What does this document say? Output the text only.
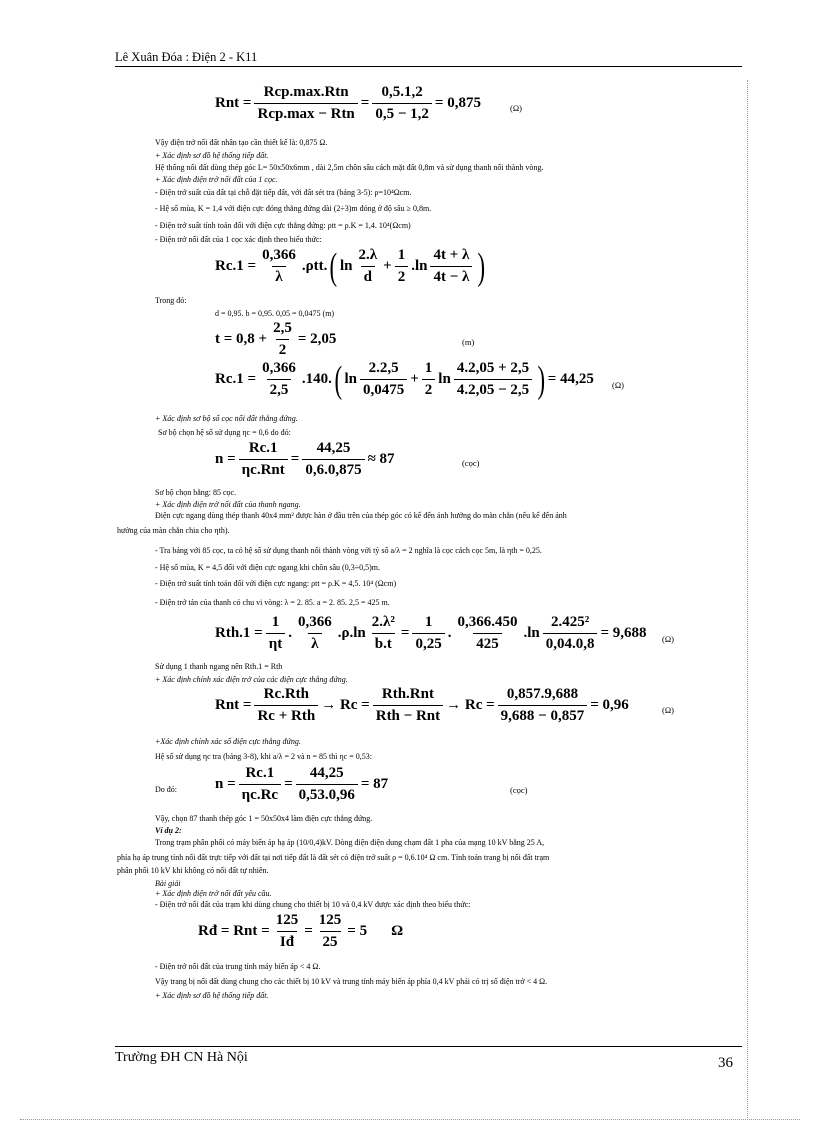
Lê Xuân Đóa : Điện 2 - K11
Rnt = $\frac{\text{Rcp.max.Rtn}}{\text{Rcp.max − Rtn}} = \frac{0,5.1,2}{0,5 - 1,2} = 0,875$	(Ω)
Vậy điện trở nối đất nhân tạo cần thiết kế là: 0,875 Ω.
+ Xác định sơ đồ hệ thống tiếp đất.
Hệ thống nối đất dùng thép góc L= 50x50x6mm , dài 2,5m chôn sâu cách mặt đất 0,8m và sử dụng thanh nối thành vòng.
+ Xác định điện trở nối đất của 1 cọc.
- Điện trở suất của đất tại chỗ đặt tiếp đất, với đất sét tra (bảng 3-5): ρ=10⁴Ωcm.
- Hệ số mùa, K = 1,4 với điện cực đóng thẳng đứng dài (2÷3)m đóng ở độ sâu ≥ 0,8m.
- Điện trở suất tính toán đối với điện cực thẳng đứng: ρtt = ρ.K = 1,4. 10⁴(Ωcm)
- Điện trở nối đất của 1 cọc xác định theo biểu thức:
$Rc.1 = \frac{0,366}{\lambda} .\rho tt$. ( $\ln \frac{2.\lambda}{d} + \frac{1}{2} .\ln \frac{4t + \lambda}{4t - \lambda}$ )
Trong đó:
d = 0,95. b = 0,95. 0,05 = 0,0475 (m)
$t = 0,8 + \frac{2,5}{2} = 2,05$	(m)
$Rc.1 = \frac{0,366}{2,5} .140$. ( $\ln \frac{2.2,5}{0,0475} + \frac{1}{2}$ $\ln \frac{4.2,05 + 2,5}{4.2,05 - 2,5}$ ) = 44,25 (Ω)
+ Xác định sơ bộ số cọc nối đất thẳng đứng.
Sơ bộ chọn hệ số sử dụng ηc = 0,6 do đó:
$n = \frac{Rc.1}{\text{ηc.Rnt}} = \frac{44,25}{0,6.0,875} \approx 87$	(cọc)
Sơ bộ chọn bằng: 85 cọc.
+ Xác định điện trở nối đất của thanh ngang.
Điện cực ngang dùng thép thanh 40x4 mm² được hàn ở đầu trên của thép góc có kể đến ảnh hưởng do màn chắn (nếu kể đến ảnh
hưởng của màn chắn chia cho ηth).
- Tra bảng với 85 cọc, ta có hệ số sử dụng thanh nối thành vòng với tỷ số a/λ = 2 nghĩa là cọc cách cọc 5m, là ηth = 0,25.
- Hệ số mùa, K = 4,5 đối với điện cực ngang khi chôn sâu (0,3÷0,5)m.
- Điện trở suất tính toán đối với điện cực ngang: ρtt = ρ.K = 4,5. 10⁴ (Ωcm)
- Điện trở tản của thanh có chu vi vòng: λ = 2. 85. a = 2. 85. 2,5 = 425 m.
$Rth.1 = \frac{1}{\eta t}$ . $\frac{0,366}{\lambda} .\rho.\ln \frac{\text{2.λ²}}{b.t} = \frac{1}{0,25}$ . $\frac{0,366.450}{425} .\ln \frac{\text{2.425²}}{0,04.0,8} = 9,688$ (Ω)
Sử dụng 1 thanh ngang nên Rth.1 = Rth
+ Xác định chính xác điện trở của các điện cực thẳng đứng.
Rnt = $\frac{\text{Rc.Rth}}{\text{Rc + Rth}} \to Rc = \frac{\text{Rth.Rnt}}{\text{Rth − Rnt}} \to Rc = \frac{0,857.9,688}{9,688 - 0,857} = 0,96$	(Ω)
+Xác định chính xác số điện cực thẳng đứng.
Hệ số sử dụng ηc tra (bảng 3-8), khi a/λ = 2 và n = 85 thì ηc = 0,53:
Do đó:	$n = \frac{Rc.1}{\eta c.Rc} = \frac{44,25}{0,53.0,96} = 87$	(cọc)
Vậy, chọn 87 thanh thép góc 1 = 50x50x4 làm điện cực thẳng đứng.
Ví dụ 2:
Trong trạm phân phối có máy biến áp hạ áp (10/0,4)kV. Dòng điện điện dung chạm đất 1 pha của mạng 10 kV bằng 25 A,
phía hạ áp trung tính nối đất trực tiếp với đất tại nơi tiếp đất là đất sét có điện trở suất ρ = 0,6.10⁴ Ω cm. Tính toán trang bị nối đất trạm
phân phối 10 kV khi không có nối đất tự nhiên.
Bài giải
+ Xác định điện trở nối đất yêu cầu.
- Điện trở nối đất của trạm khi dùng chung cho thiết bị 10 và 0,4 kV được xác định theo biểu thức:
Rđ = Rnt = $\frac{125}{Iđ} = \frac{125}{25} = 5$ Ω
- Điện trở nối đất của trung tính máy biến áp < 4 Ω.
Vậy trang bị nối đất dùng chung cho các thiết bị 10 kV và trung tính máy biến áp phía 0,4 kV phải có trị số điện trở < 4 Ω.
+ Xác định sơ đồ hệ thống tiếp đất.
Trường ĐH CN Hà Nội	36
